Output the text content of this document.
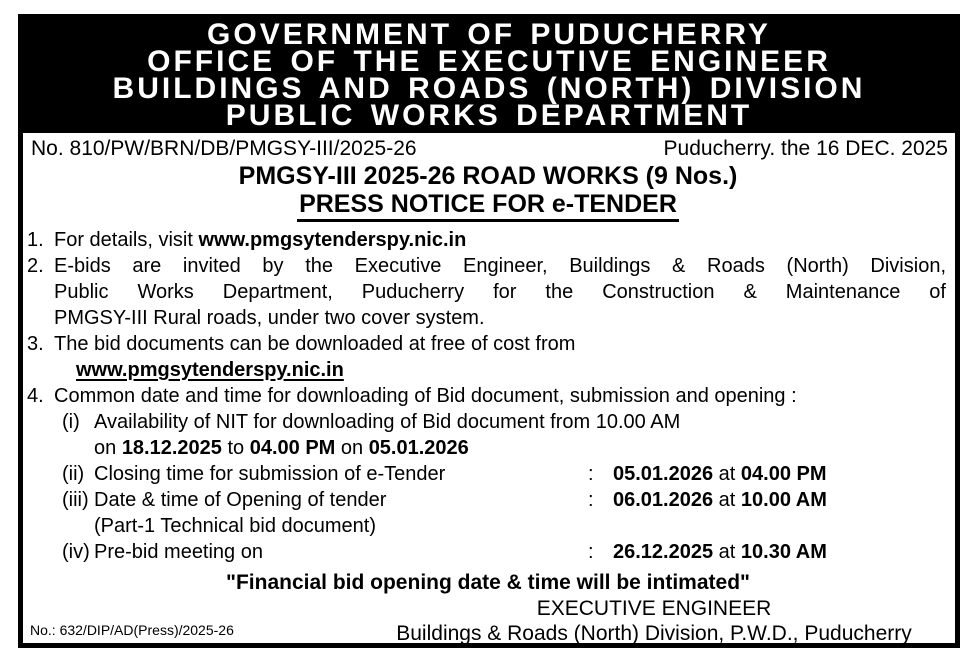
GOVERNMENT OF PUDUCHERRY
OFFICE OF THE EXECUTIVE ENGINEER
BUILDINGS AND ROADS (NORTH) DIVISION
PUBLIC WORKS DEPARTMENT
No. 810/PW/BRN/DB/PMGSY-III/2025-26	Puducherry. the 16 DEC. 2025
PMGSY-III 2025-26 ROAD WORKS (9 Nos.)
PRESS NOTICE FOR e-TENDER
1. For details, visit www.pmgsytenderspy.nic.in
2. E-bids are invited by the Executive Engineer, Buildings & Roads (North) Division,
Public Works Department, Puducherry for the Construction & Maintenance of
PMGSY-III Rural roads, under two cover system.
3. The bid documents can be downloaded at free of cost from
www.pmgsytenderspy.nic.in
4. Common date and time for downloading of Bid document, submission and opening :
(i) Availability of NIT for downloading of Bid document from 10.00 AM
on 18.12.2025 to 04.00 PM on 05.01.2026
(ii) Closing time for submission of e-Tender	: 05.01.2026 at 04.00 PM
(iii) Date & time of Opening of tender	: 06.01.2026 at 10.00 AM
(Part-1 Technical bid document)
(iv) Pre-bid meeting on	: 26.12.2025 at 10.30 AM
"Financial bid opening date & time will be intimated"
EXECUTIVE ENGINEER
Buildings & Roads (North) Division, P.W.D., Puducherry
No.: 632/DIP/AD(Press)/2025-26
